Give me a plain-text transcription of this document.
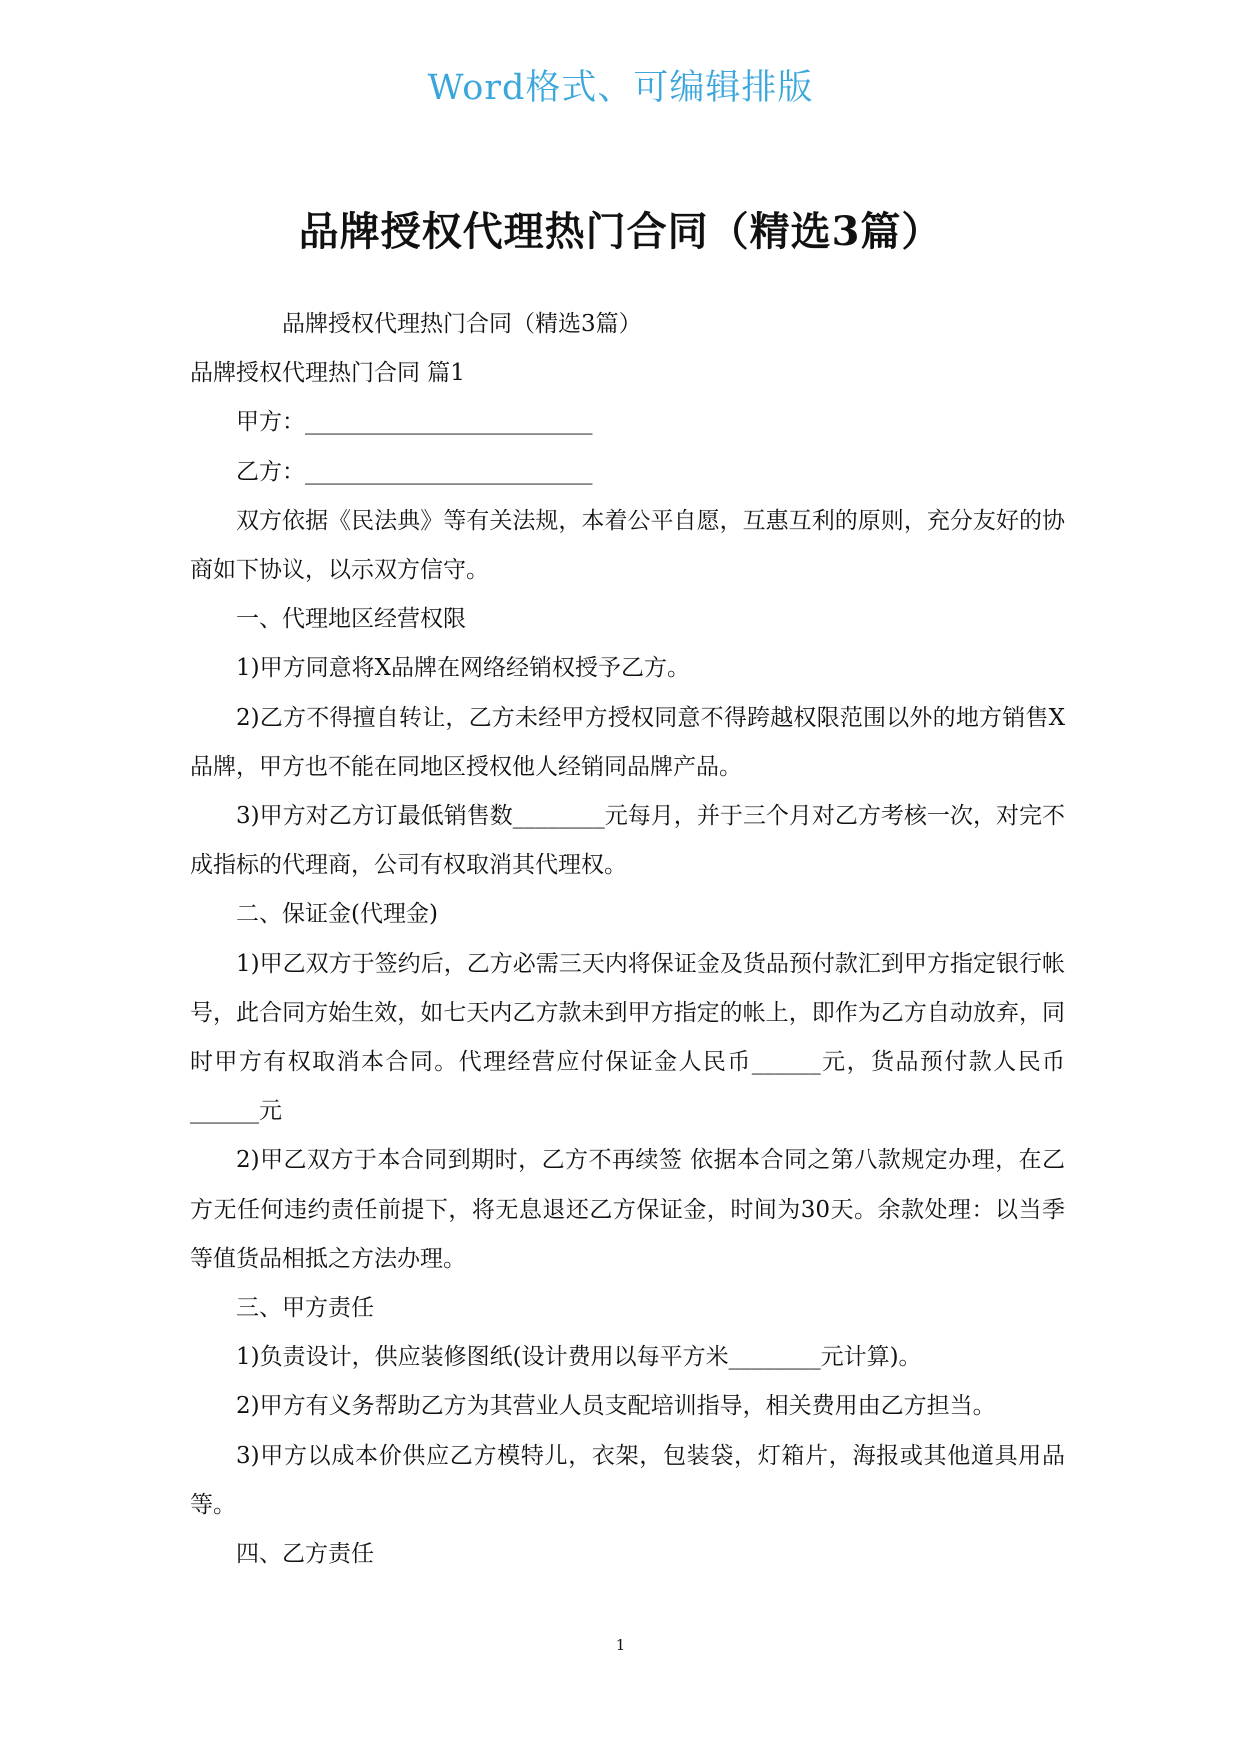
Word格式、可编辑排版
品牌授权代理热门合同（精选3篇）

品牌授权代理热门合同（精选3篇）

品牌授权代理热门合同 篇1

甲方：_________________________

乙方：_________________________

双方依据《民法典》等有关法规，本着公平自愿，互惠互利的原则，充分友好的协商如下协议，以示双方信守。

一、代理地区经营权限

1)甲方同意将X品牌在网络经销权授予乙方。

2)乙方不得擅自转让，乙方未经甲方授权同意不得跨越权限范围以外的地方销售X品牌，甲方也不能在同地区授权他人经销同品牌产品。

3)甲方对乙方订最低销售数________元每月，并于三个月对乙方考核一次，对完不成指标的代理商，公司有权取消其代理权。

二、保证金(代理金)

1)甲乙双方于签约后，乙方必需三天内将保证金及货品预付款汇到甲方指定银行帐号，此合同方始生效，如七天内乙方款未到甲方指定的帐上，即作为乙方自动放弃，同时甲方有权取消本合同。代理经营应付保证金人民币______元，货品预付款人民币______元

2)甲乙双方于本合同到期时，乙方不再续签 依据本合同之第八款规定办理，在乙方无任何违约责任前提下，将无息退还乙方保证金，时间为30天。余款处理：以当季等值货品相抵之方法办理。

三、甲方责任

1)负责设计，供应装修图纸(设计费用以每平方米________元计算)。

2)甲方有义务帮助乙方为其营业人员支配培训指导，相关费用由乙方担当。

3)甲方以成本价供应乙方模特儿，衣架，包装袋，灯箱片，海报或其他道具用品等。

四、乙方责任

1
